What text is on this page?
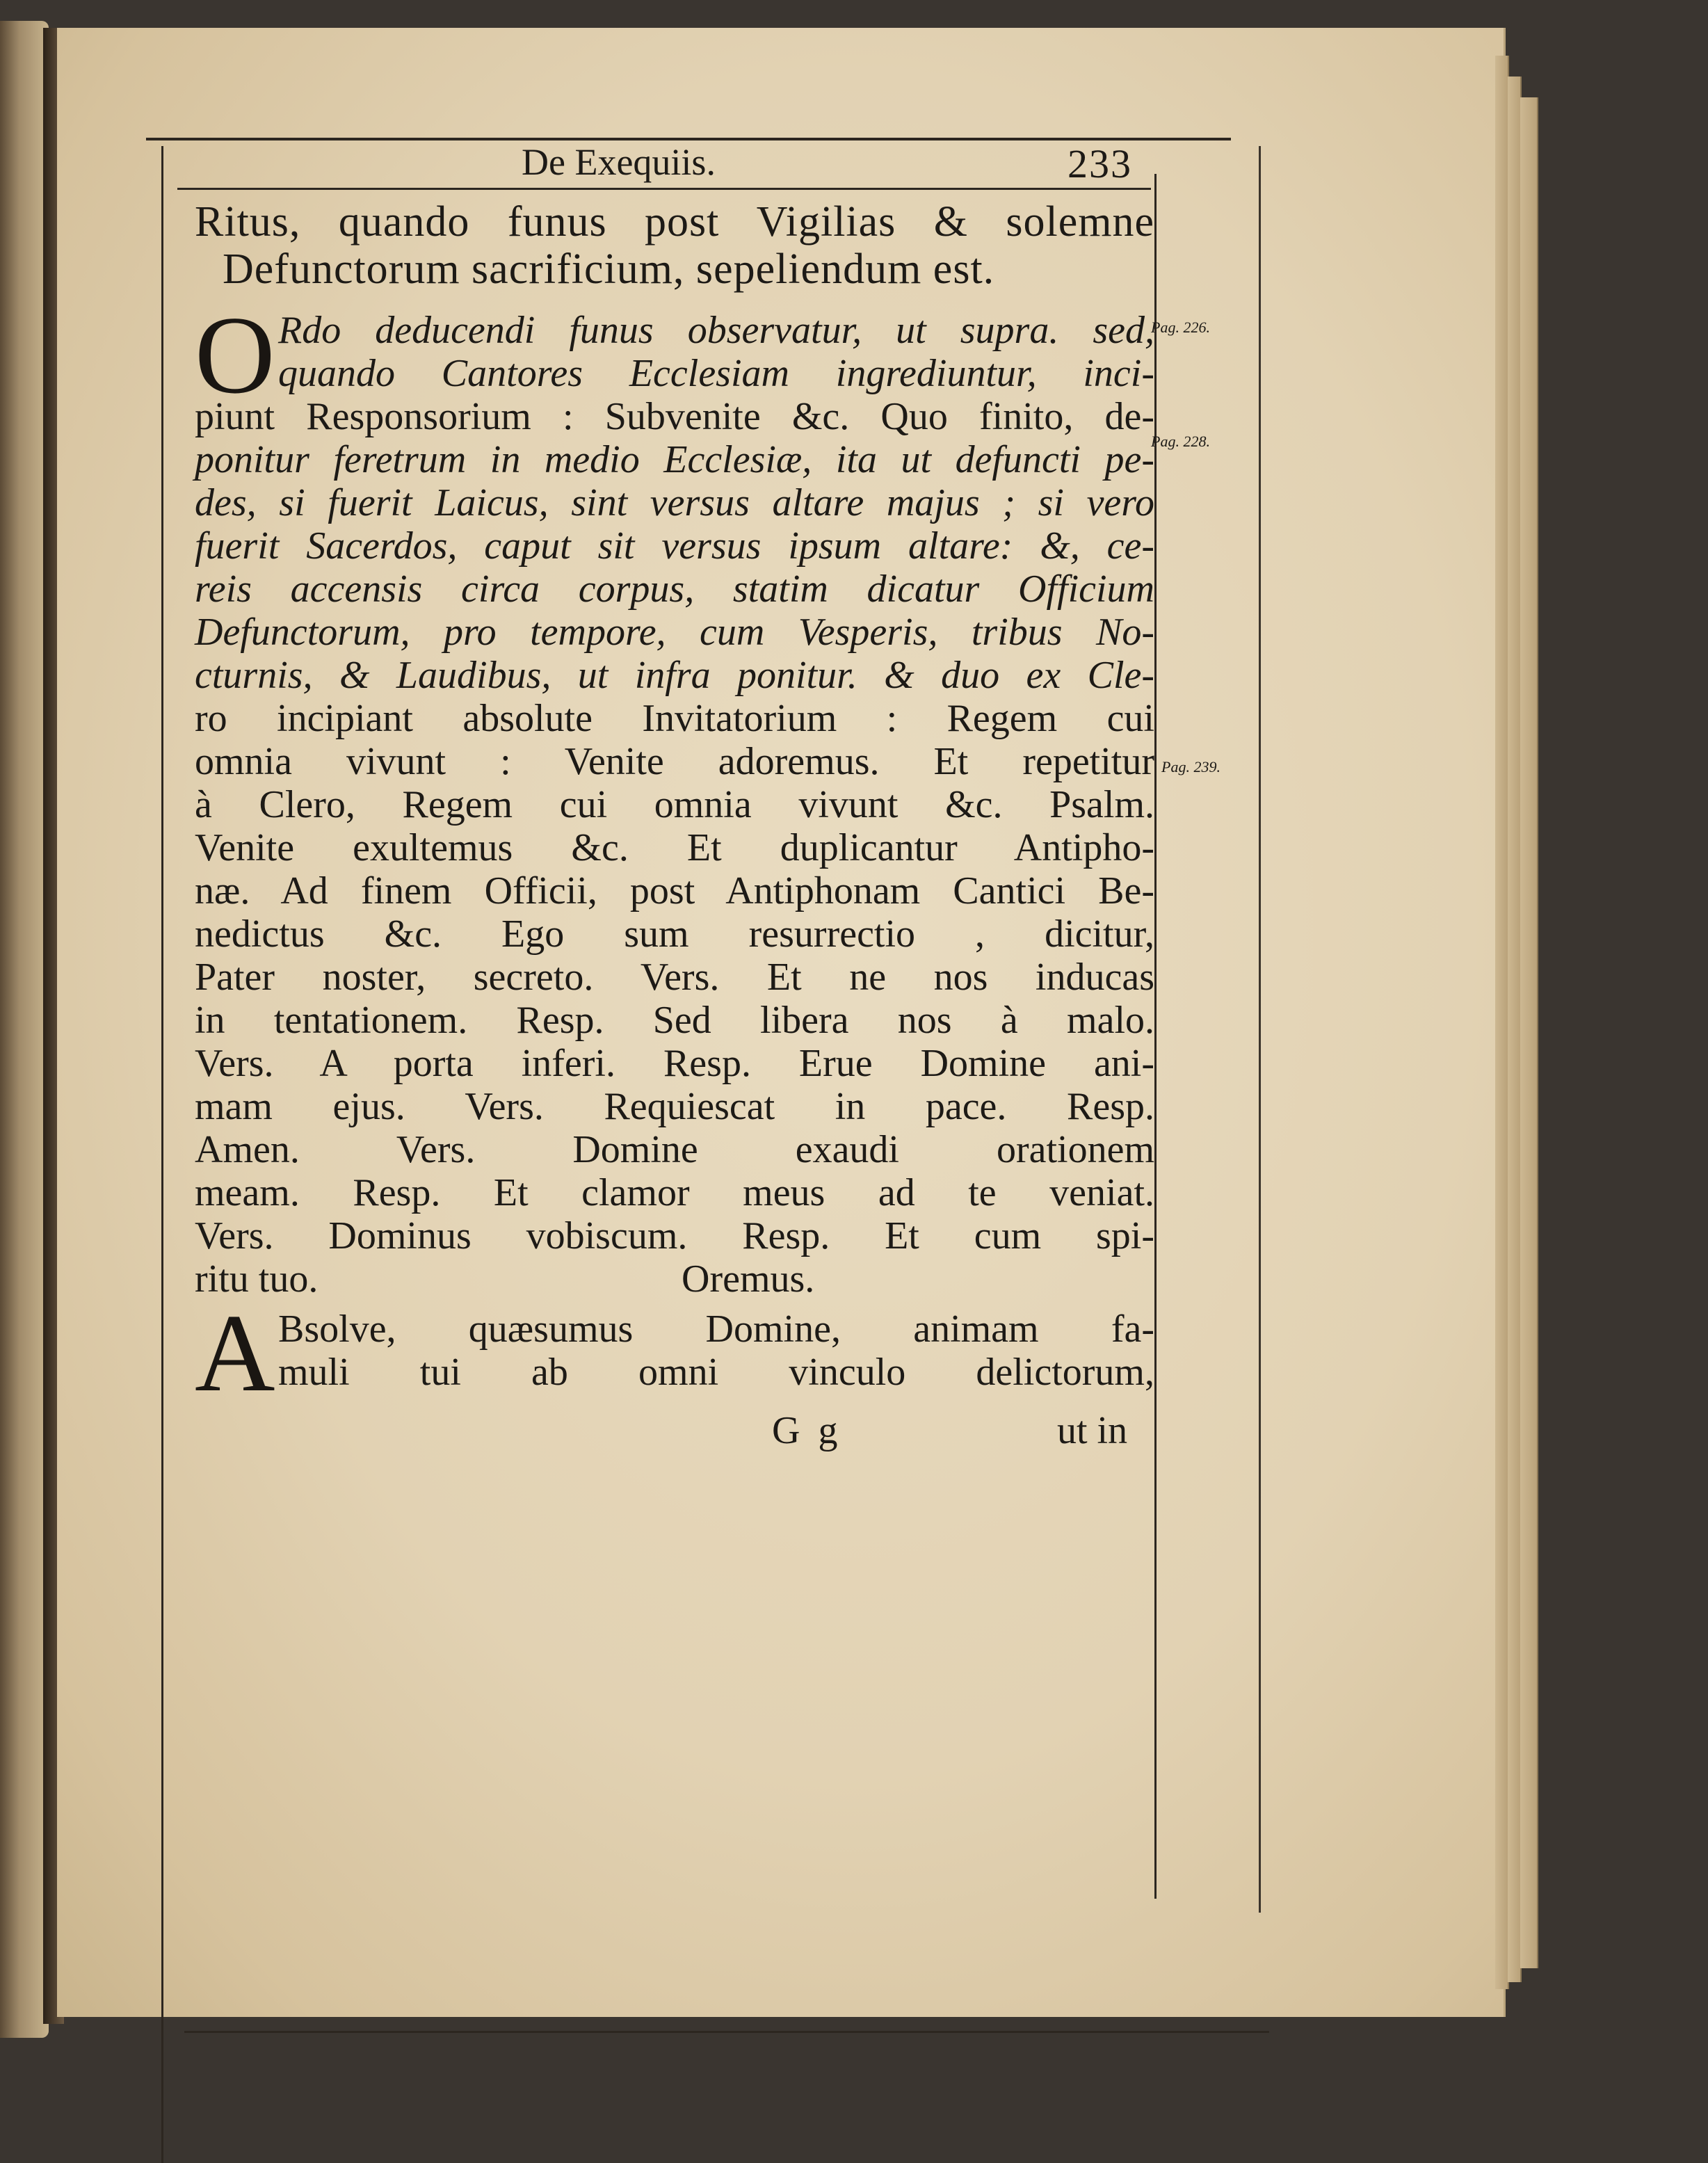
De Exequiis.	233
Ritus, quando funus post Vigilias & solemne
Defunctorum sacrificium, sepeliendum est.
O Rdo deducendi funus observatur, ut supra. sed,
quando Cantores Ecclesiam ingrediuntur, inci-
piunt Responsorium : Subvenite &c. Quo finito, de-
ponitur feretrum in medio Ecclesiæ, ita ut defuncti pe-
des, si fuerit Laicus, sint versus altare majus ; si vero
fuerit Sacerdos, caput sit versus ipsum altare: &, ce-
reis accensis circa corpus, statim dicatur Officium
Defunctorum, pro tempore, cum Vesperis, tribus No-
cturnis, & Laudibus, ut infra ponitur. & duo ex Cle-
ro incipiant absolute Invitatorium : Regem cui
omnia vivunt : Venite adoremus. Et repetitur
à Clero, Regem cui omnia vivunt &c. Psalm.
Venite exultemus &c. Et duplicantur Antipho-
næ. Ad finem Officii, post Antiphonam Cantici Be-
nedictus &c. Ego sum resurrectio , dicitur,
Pater noster, secreto. Vers. Et ne nos inducas
in tentationem. Resp. Sed libera nos à malo.
Vers. A porta inferi. Resp. Erue Domine ani-
mam ejus. Vers. Requiescat in pace. Resp.
Amen. Vers. Domine exaudi orationem
meam. Resp. Et clamor meus ad te veniat.
Vers. Dominus vobiscum. Resp. Et cum spi-
ritu tuo.	Oremus.
A Bsolve, quæsumus Domine, animam fa-
muli tui ab omni vinculo delictorum,
G g	ut in
Pag. 226.
Pag. 228.
Pag. 239.
